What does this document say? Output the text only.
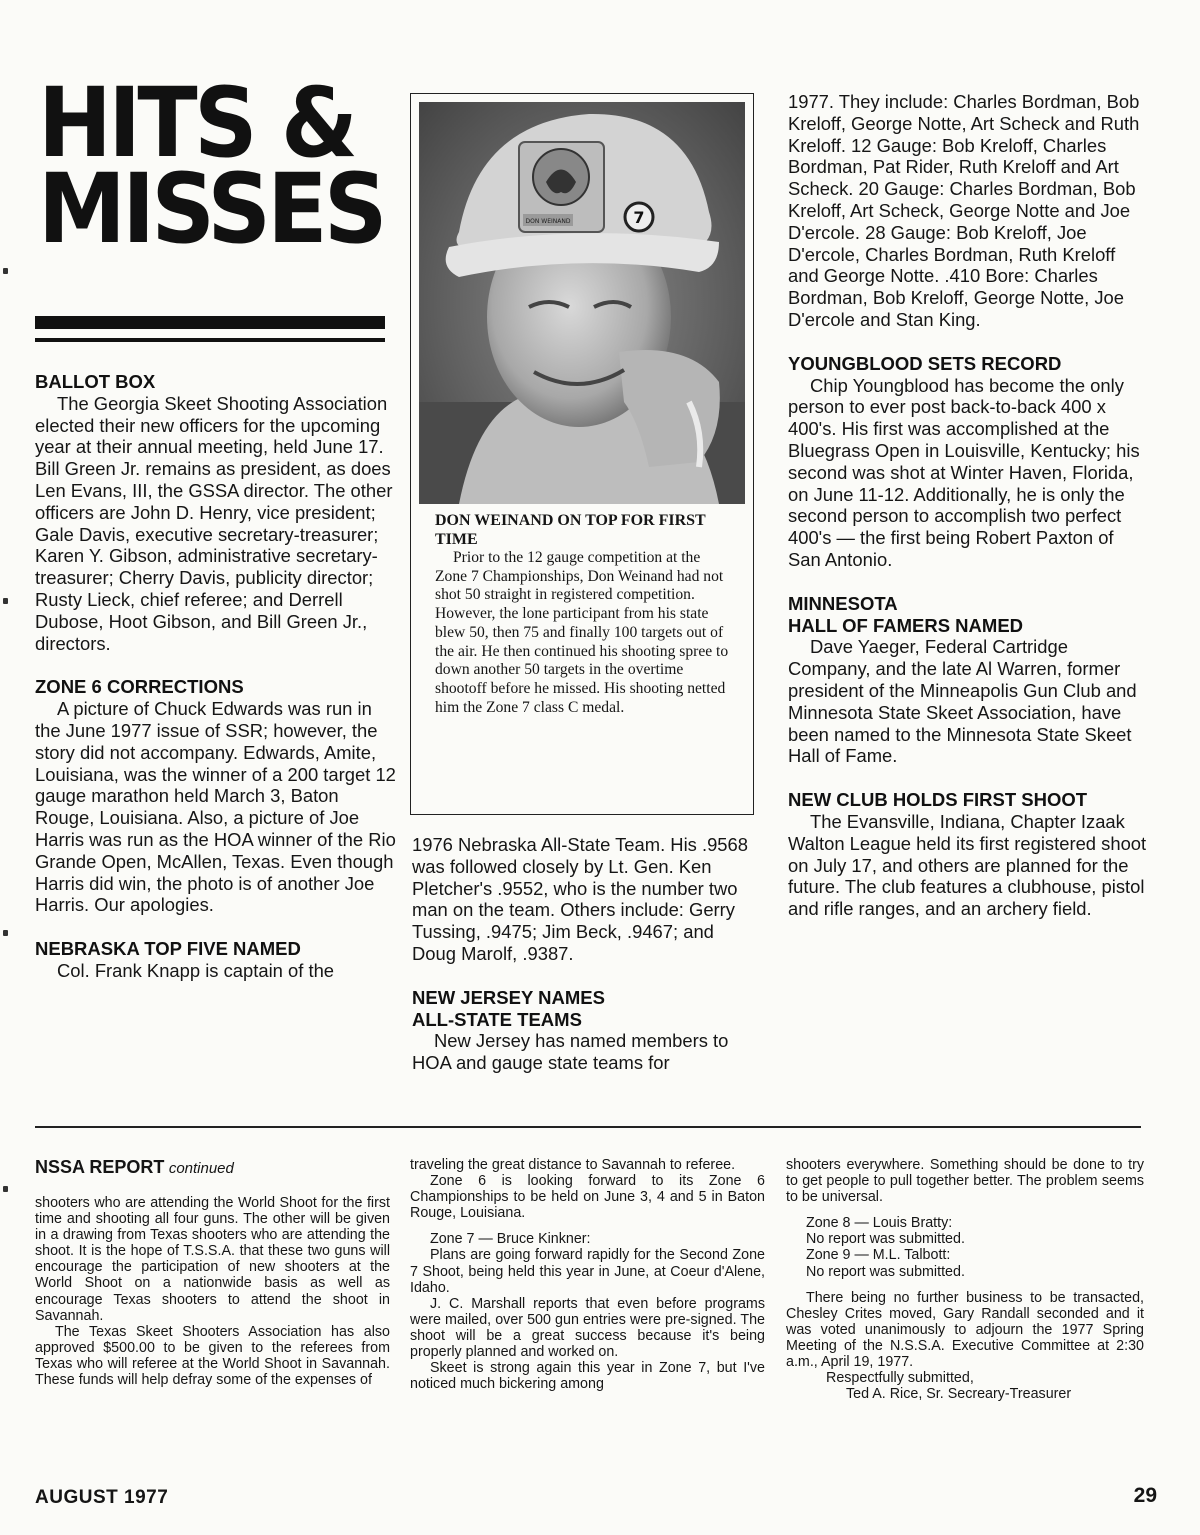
HITS &
MISSES
BALLOT BOX

The Georgia Skeet Shooting Association elected their new officers for the upcoming year at their annual meeting, held June 17. Bill Green Jr. remains as president, as does Len Evans, III, the GSSA director. The other officers are John D. Henry, vice president; Gale Davis, executive secretary-treasurer; Karen Y. Gibson, administrative secretary-treasurer; Cherry Davis, publicity director; Rusty Lieck, chief referee; and Derrell Dubose, Hoot Gibson, and Bill Green Jr., directors.

ZONE 6 CORRECTIONS

A picture of Chuck Edwards was run in the June 1977 issue of SSR; however, the story did not accompany. Edwards, Amite, Louisiana, was the winner of a 200 target 12 gauge marathon held March 3, Baton Rouge, Louisiana. Also, a picture of Joe Harris was run as the HOA winner of the Rio Grande Open, McAllen, Texas. Even though Harris did win, the photo is of another Joe Harris. Our apologies.

NEBRASKA TOP FIVE NAMED

Col. Frank Knapp is captain of the

DON WEINAND	7
DON WEINAND ON TOP FOR FIRST TIME

Prior to the 12 gauge competition at the Zone 7 Championships, Don Weinand had not shot 50 straight in registered competition. However, the lone participant from his state blew 50, then 75 and finally 100 targets out of the air. He then continued his shooting spree to down another 50 targets in the overtime shootoff before he missed. His shooting netted him the Zone 7 class C medal.

1976 Nebraska All-State Team. His .9568 was followed closely by Lt. Gen. Ken Pletcher's .9552, who is the number two man on the team. Others include: Gerry Tussing, .9475; Jim Beck, .9467; and Doug Marolf, .9387.

NEW JERSEY NAMES
ALL-STATE TEAMS

New Jersey has named members to HOA and gauge state teams for

1977. They include: Charles Bordman, Bob Kreloff, George Notte, Art Scheck and Ruth Kreloff. 12 Gauge: Bob Kreloff, Charles Bordman, Pat Rider, Ruth Kreloff and Art Scheck. 20 Gauge: Charles Bordman, Bob Kreloff, Art Scheck, George Notte and Joe D'ercole. 28 Gauge: Bob Kreloff, Joe D'ercole, Charles Bordman, Ruth Kreloff and George Notte. .410 Bore: Charles Bordman, Bob Kreloff, George Notte, Joe D'ercole and Stan King.

YOUNGBLOOD SETS RECORD

Chip Youngblood has become the only person to ever post back-to-back 400 x 400's. His first was accomplished at the Bluegrass Open in Louisville, Kentucky; his second was shot at Winter Haven, Florida, on June 11-12. Additionally, he is only the second person to accomplish two perfect 400's — the first being Robert Paxton of San Antonio.

MINNESOTA
HALL OF FAMERS NAMED

Dave Yaeger, Federal Cartridge Company, and the late Al Warren, former president of the Minneapolis Gun Club and Minnesota State Skeet Association, have been named to the Minnesota State Skeet Hall of Fame.

NEW CLUB HOLDS FIRST SHOOT

The Evansville, Indiana, Chapter Izaak Walton League held its first registered shoot on July 17, and others are planned for the future. The club features a clubhouse, pistol and rifle ranges, and an archery field.

NSSA REPORT continued

shooters who are attending the World Shoot for the first time and shooting all four guns. The other will be given in a drawing from Texas shooters who are attending the shoot. It is the hope of T.S.S.A. that these two guns will encourage the participation of new shooters at the World Shoot on a nationwide basis as well as encourage Texas shooters to attend the shoot in Savannah.

The Texas Skeet Shooters Association has also approved $500.00 to be given to the referees from Texas who will referee at the World Shoot in Savannah. These funds will help defray some of the expenses of

traveling the great distance to Savannah to referee.

Zone 6 is looking forward to its Zone 6 Championships to be held on June 3, 4 and 5 in Baton Rouge, Louisiana.

Zone 7 — Bruce Kinkner:

Plans are going forward rapidly for the Second Zone 7 Shoot, being held this year in June, at Coeur d'Alene, Idaho.

J. C. Marshall reports that even before programs were mailed, over 500 gun entries were pre-signed. The shoot will be a great success because it's being properly planned and worked on.

Skeet is strong again this year in Zone 7, but I've noticed much bickering among

shooters everywhere. Something should be done to try to get people to pull together better. The problem seems to be universal.

Zone 8 — Louis Bratty:

No report was submitted.

Zone 9 — M.L. Talbott:

No report was submitted.

There being no further business to be transacted, Chesley Crites moved, Gary Randall seconded and it was voted unanimously to adjourn the 1977 Spring Meeting of the N.S.S.A. Executive Committee at 2:30 a.m., April 19, 1977.

Respectfully submitted,

Ted A. Rice, Sr. Secreary-Treasurer

AUGUST 1977	29
